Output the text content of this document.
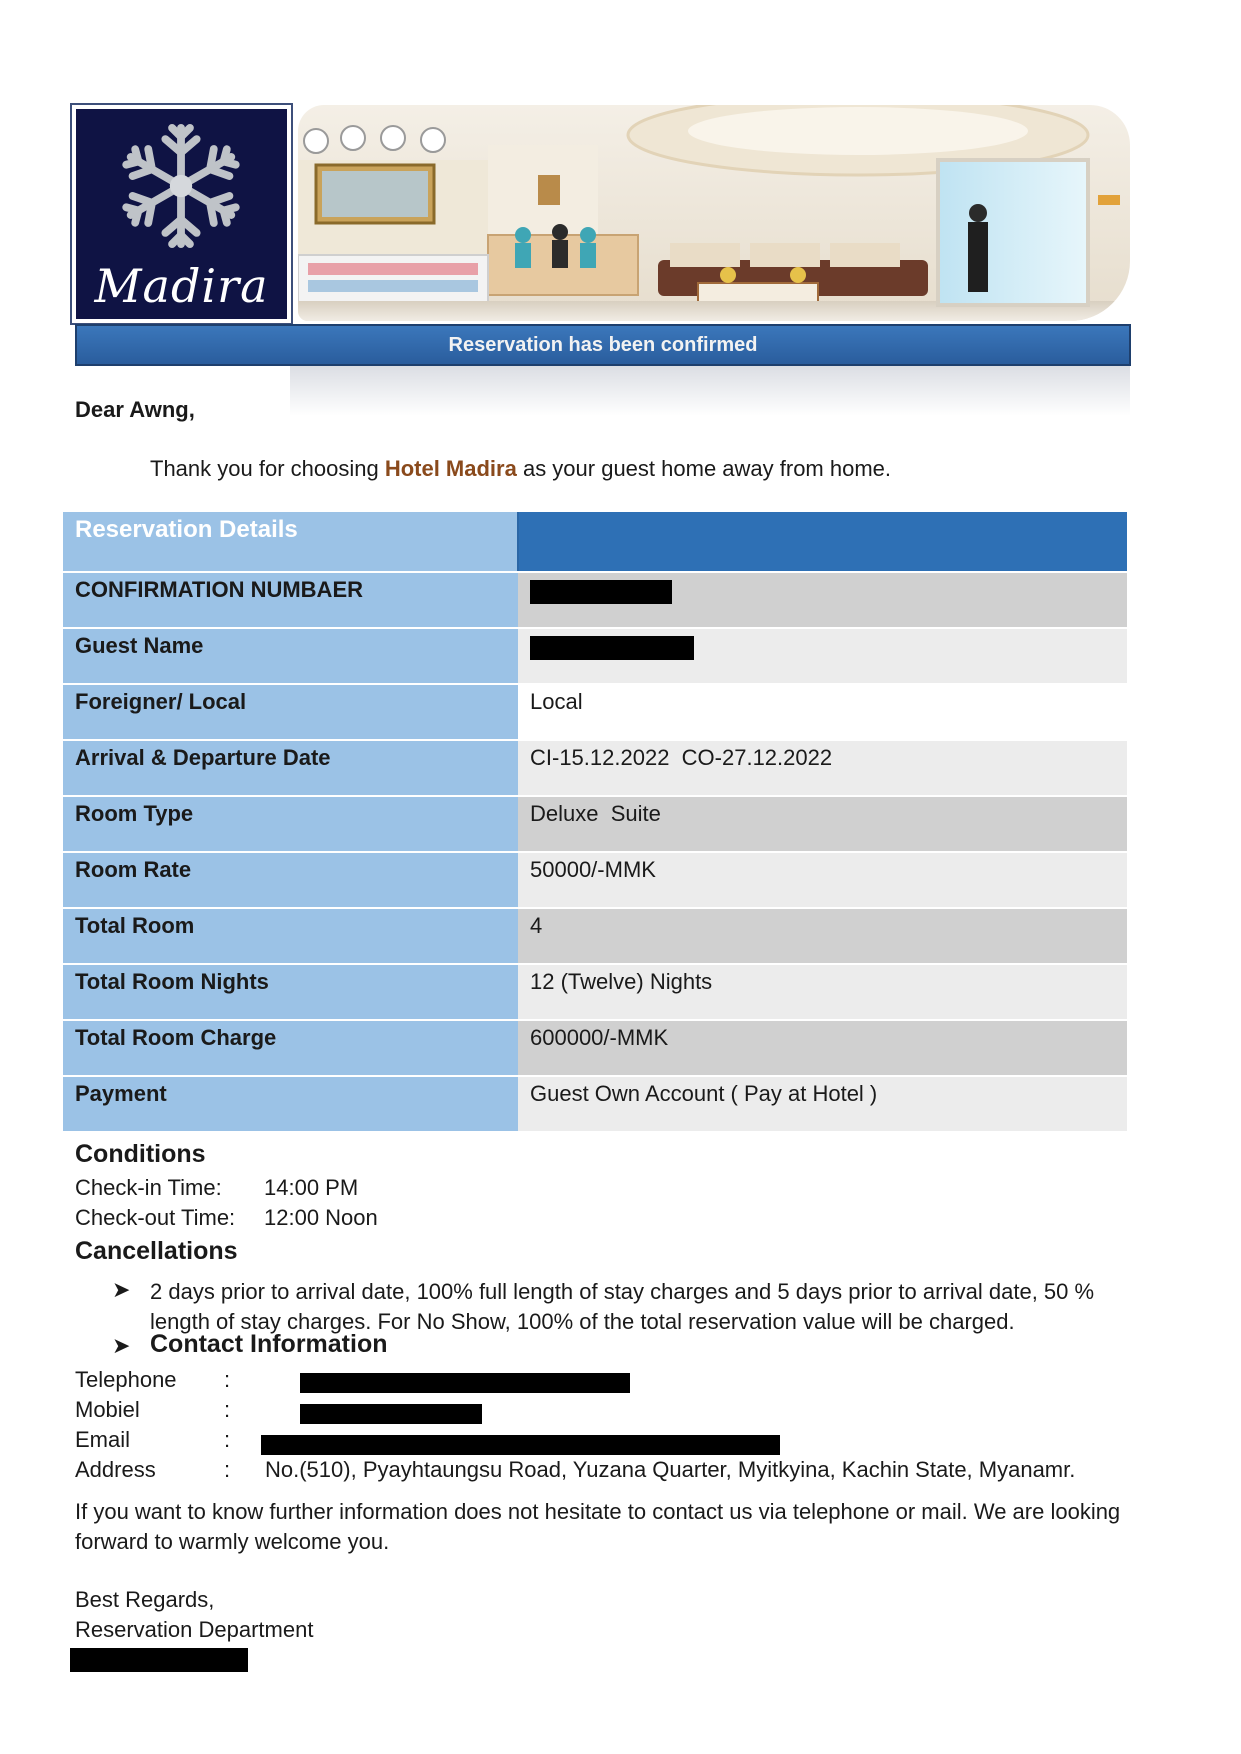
Madira
Reservation has been confirmed
Dear Awng,
Thank you for choosing Hotel Madira as your guest home away from home.
Reservation Details	
CONFIRMATION NUMBAER	
Guest Name	
Foreigner/ Local	Local
Arrival & Departure Date	CI-15.12.2022  CO-27.12.2022
Room Type	Deluxe  Suite
Room Rate	50000/-MMK
Total Room	4
Total Room Nights	12 (Twelve) Nights
Total Room Charge	600000/-MMK
Payment	Guest Own Account ( Pay at Hotel )
Conditions
Check-in Time: 14:00 PM
Check-out Time: 12:00 Noon
Cancellations
➤ 2 days prior to arrival date, 100% full length of stay charges and 5 days prior to arrival date, 50 % length of stay charges. For No Show, 100% of the total reservation value will be charged.
➤ Contact Information
Telephone :
Mobiel	:
Email	:
Address	: No.(510), Pyayhtaungsu Road, Yuzana Quarter, Myitkyina, Kachin State, Myanamr.
If you want to know further information does not hesitate to contact us via telephone or mail. We are looking forward to warmly welcome you.
Best Regards,
Reservation Department
